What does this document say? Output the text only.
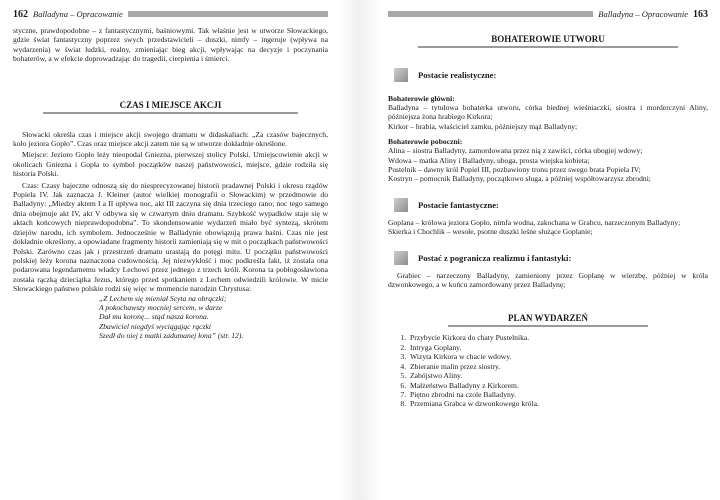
162 Balladyna – Opracowanie

styczne, prawdopodobne – z fantastycznymi, baśniowymi. Tak właśnie jest w utworze Słowackiego, gdzie świat fantastyczny poprzez swych przedstawicieli – duszki, nimfy – ingeruje (wpływa na wydarzenia) w świat ludzki, realny, zmieniając bieg akcji, wpływając na decyzje i poczynania bohaterów, a w efekcie doprowadzając do tragedii, cierpienia i śmierci.

CZAS I MIEJSCE AKCJI

Słowacki określa czas i miejsce akcji swojego dramatu w didaskaliach: „Za czasów bajecznych, koło jeziora Gopło”. Czas oraz miejsce akcji zatem nie są w utworze dokładnie określone.

Miejsce: Jezioro Gopło leży nieopodal Gniezna, pierwszej stolicy Polski. Umiejscowienie akcji w okolicach Gniezna i Gopła to symbol początków naszej państwowości, miejsce, gdzie rodziła się historia Polski.

Czas: Czasy bajeczne odnoszą się do niesprecyzowanej historii pradawnej Polski i okresu rządów Popiela IV. Jak zaznacza J. Kleiner (autor wielkiej monografii o Słowackim) w przedmowie do Balladyny: „Miedzy aktem I a II upływa noc, akt III zaczyna się dnia trzeciego rano; noc tego samego dnia obejmuje akt IV, akt V odbywa się w czwartym dniu dramatu. Szybkość wypadków staje się w aktach końcowych nieprawdopodobna”. To skondensowanie wydarzeń miało być syntezą, skrótem dziejów narodu, ich symbolem. Jednocześnie w Balladynie obowiązują prawa baśni. Czas nie jest dokładnie określony, a opowiadane fragmenty historii zamieniają się w mit o początkach państwowości Polski. Zarówno czas jak i przestrzeń dramatu urastają do potęgi mitu. U początku państwowości polskiej leży korona naznaczona cudownością. Jej niezwykłość i moc podkreśla fakt, iż została ona podarowana legendarnemu władcy Lechowi przez jednego z trzech króli. Korona ta pobłogosławiona została rączką dzieciątka Jezus, którego przed spotkaniem z Lechem odwiedzili królowie. W micie Słowackiego państwo polskie rodzi się więc w momencie narodzin Chrystusa:

„Z Lechem się mieniał Scyta na obrączki;
A pokochawszy mocniej sercem, w darze
Dał mu koronę... stąd nasza korona.
Zbawiciel niegdyś wyciągając rączki
Szedł do niej z matki zadumanej łona” (str. 12).
Balladyna – Opracowanie 163
BOHATEROWIE UTWORU
Postacie realistyczne:
Bohaterowie główni:

Balladyna – tytułowa bohaterka utworu, córka biednej wieśniaczki, siostra i morderczyni Aliny, późniejsza żona hrabiego Kirkora;

Kirkor – hrabia, właściciel zamku, późniejszy mąż Balladyny;

Bohaterowie poboczni:

Alina – siostra Balladyny, zamordowana przez nią z zawiści, córka ubogiej wdowy;

Wdowa – matka Aliny i Balladyny, uboga, prosta wiejska kobieta;

Pustelnik – dawny król Popiel III, pozbawiony tronu przez swego brata Popiela IV;

Kostryn – pomocnik Balladyny, początkowo sługa, a później współtowarzysz zbrodni;

Postacie fantastyczne:

Goplana – królowa jeziora Gopło, nimfa wodna, zakochana w Grabcu, narzeczonym Balladyny;

Skierka i Chochlik – wesołe, psotne duszki leśne służące Goplanie;

Postać z pogranicza realizmu i fantastyki:

Grabiec – narzeczony Balladyny, zamieniony przez Goplanę w wierzbę, później w króla dzwonkowego, a w końcu zamordowany przez Balladynę;

PLAN WYDARZEŃ
1. Przybycie Kirkora do chaty Pustelnika.
2. Intryga Goplany.
3. Wizyta Kirkora w chacie wdowy.
4. Zbieranie malin przez siostry.
5. Zabójstwo Aliny.
6. Małżeństwo Balladyny z Kirkorem.
7. Piętno zbrodni na czole Balladyny.
8. Przemiana Grabca w dzwonkowego króla.
